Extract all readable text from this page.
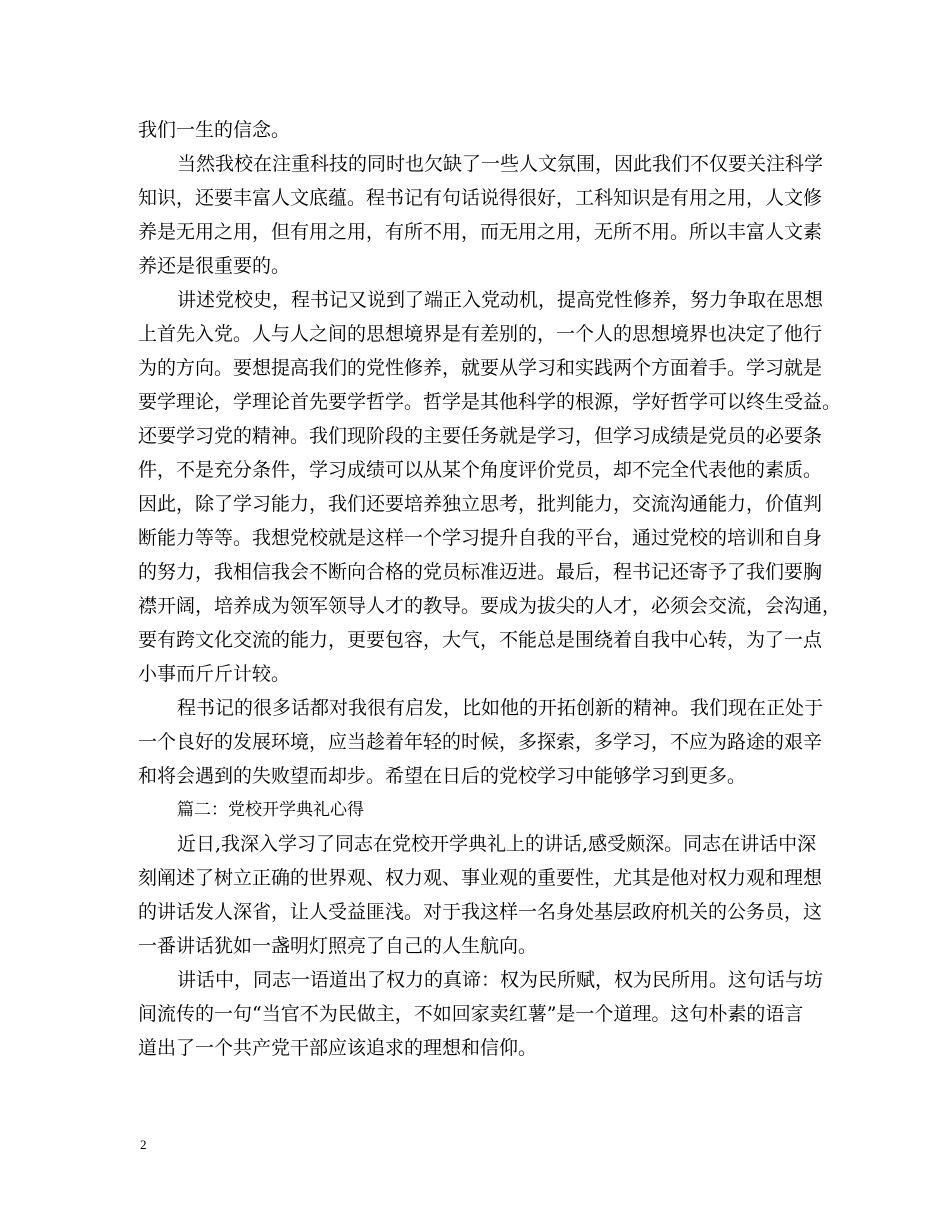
我们一生的信念。
当然我校在注重科技的同时也欠缺了一些人文氛围，因此我们不仅要关注科学
知识，还要丰富人文底蕴。程书记有句话说得很好，工科知识是有用之用，人文修
养是无用之用，但有用之用，有所不用，而无用之用，无所不用。所以丰富人文素
养还是很重要的。
讲述党校史，程书记又说到了端正入党动机，提高党性修养，努力争取在思想
上首先入党。人与人之间的思想境界是有差别的，一个人的思想境界也决定了他行
为的方向。要想提高我们的党性修养，就要从学习和实践两个方面着手。学习就是
要学理论，学理论首先要学哲学。哲学是其他科学的根源，学好哲学可以终生受益。
还要学习党的精神。我们现阶段的主要任务就是学习，但学习成绩是党员的必要条
件，不是充分条件，学习成绩可以从某个角度评价党员，却不完全代表他的素质。
因此，除了学习能力，我们还要培养独立思考，批判能力，交流沟通能力，价值判
断能力等等。我想党校就是这样一个学习提升自我的平台，通过党校的培训和自身
的努力，我相信我会不断向合格的党员标准迈进。最后，程书记还寄予了我们要胸
襟开阔，培养成为领军领导人才的教导。要成为拔尖的人才，必须会交流，会沟通，
要有跨文化交流的能力，更要包容，大气，不能总是围绕着自我中心转，为了一点
小事而斤斤计较。
程书记的很多话都对我很有启发，比如他的开拓创新的精神。我们现在正处于
一个良好的发展环境，应当趁着年轻的时候，多探索，多学习，不应为路途的艰辛
和将会遇到的失败望而却步。希望在日后的党校学习中能够学习到更多。
篇二：党校开学典礼心得
近日,我深入学习了同志在党校开学典礼上的讲话,感受颇深。同志在讲话中深
刻阐述了树立正确的世界观、权力观、事业观的重要性，尤其是他对权力观和理想
的讲话发人深省，让人受益匪浅。对于我这样一名身处基层政府机关的公务员，这
一番讲话犹如一盏明灯照亮了自己的人生航向。
讲话中，同志一语道出了权力的真谛：权为民所赋，权为民所用。这句话与坊
间流传的一句“当官不为民做主，不如回家卖红薯”是一个道理。这句朴素的语言
道出了一个共产党干部应该追求的理想和信仰。
2
